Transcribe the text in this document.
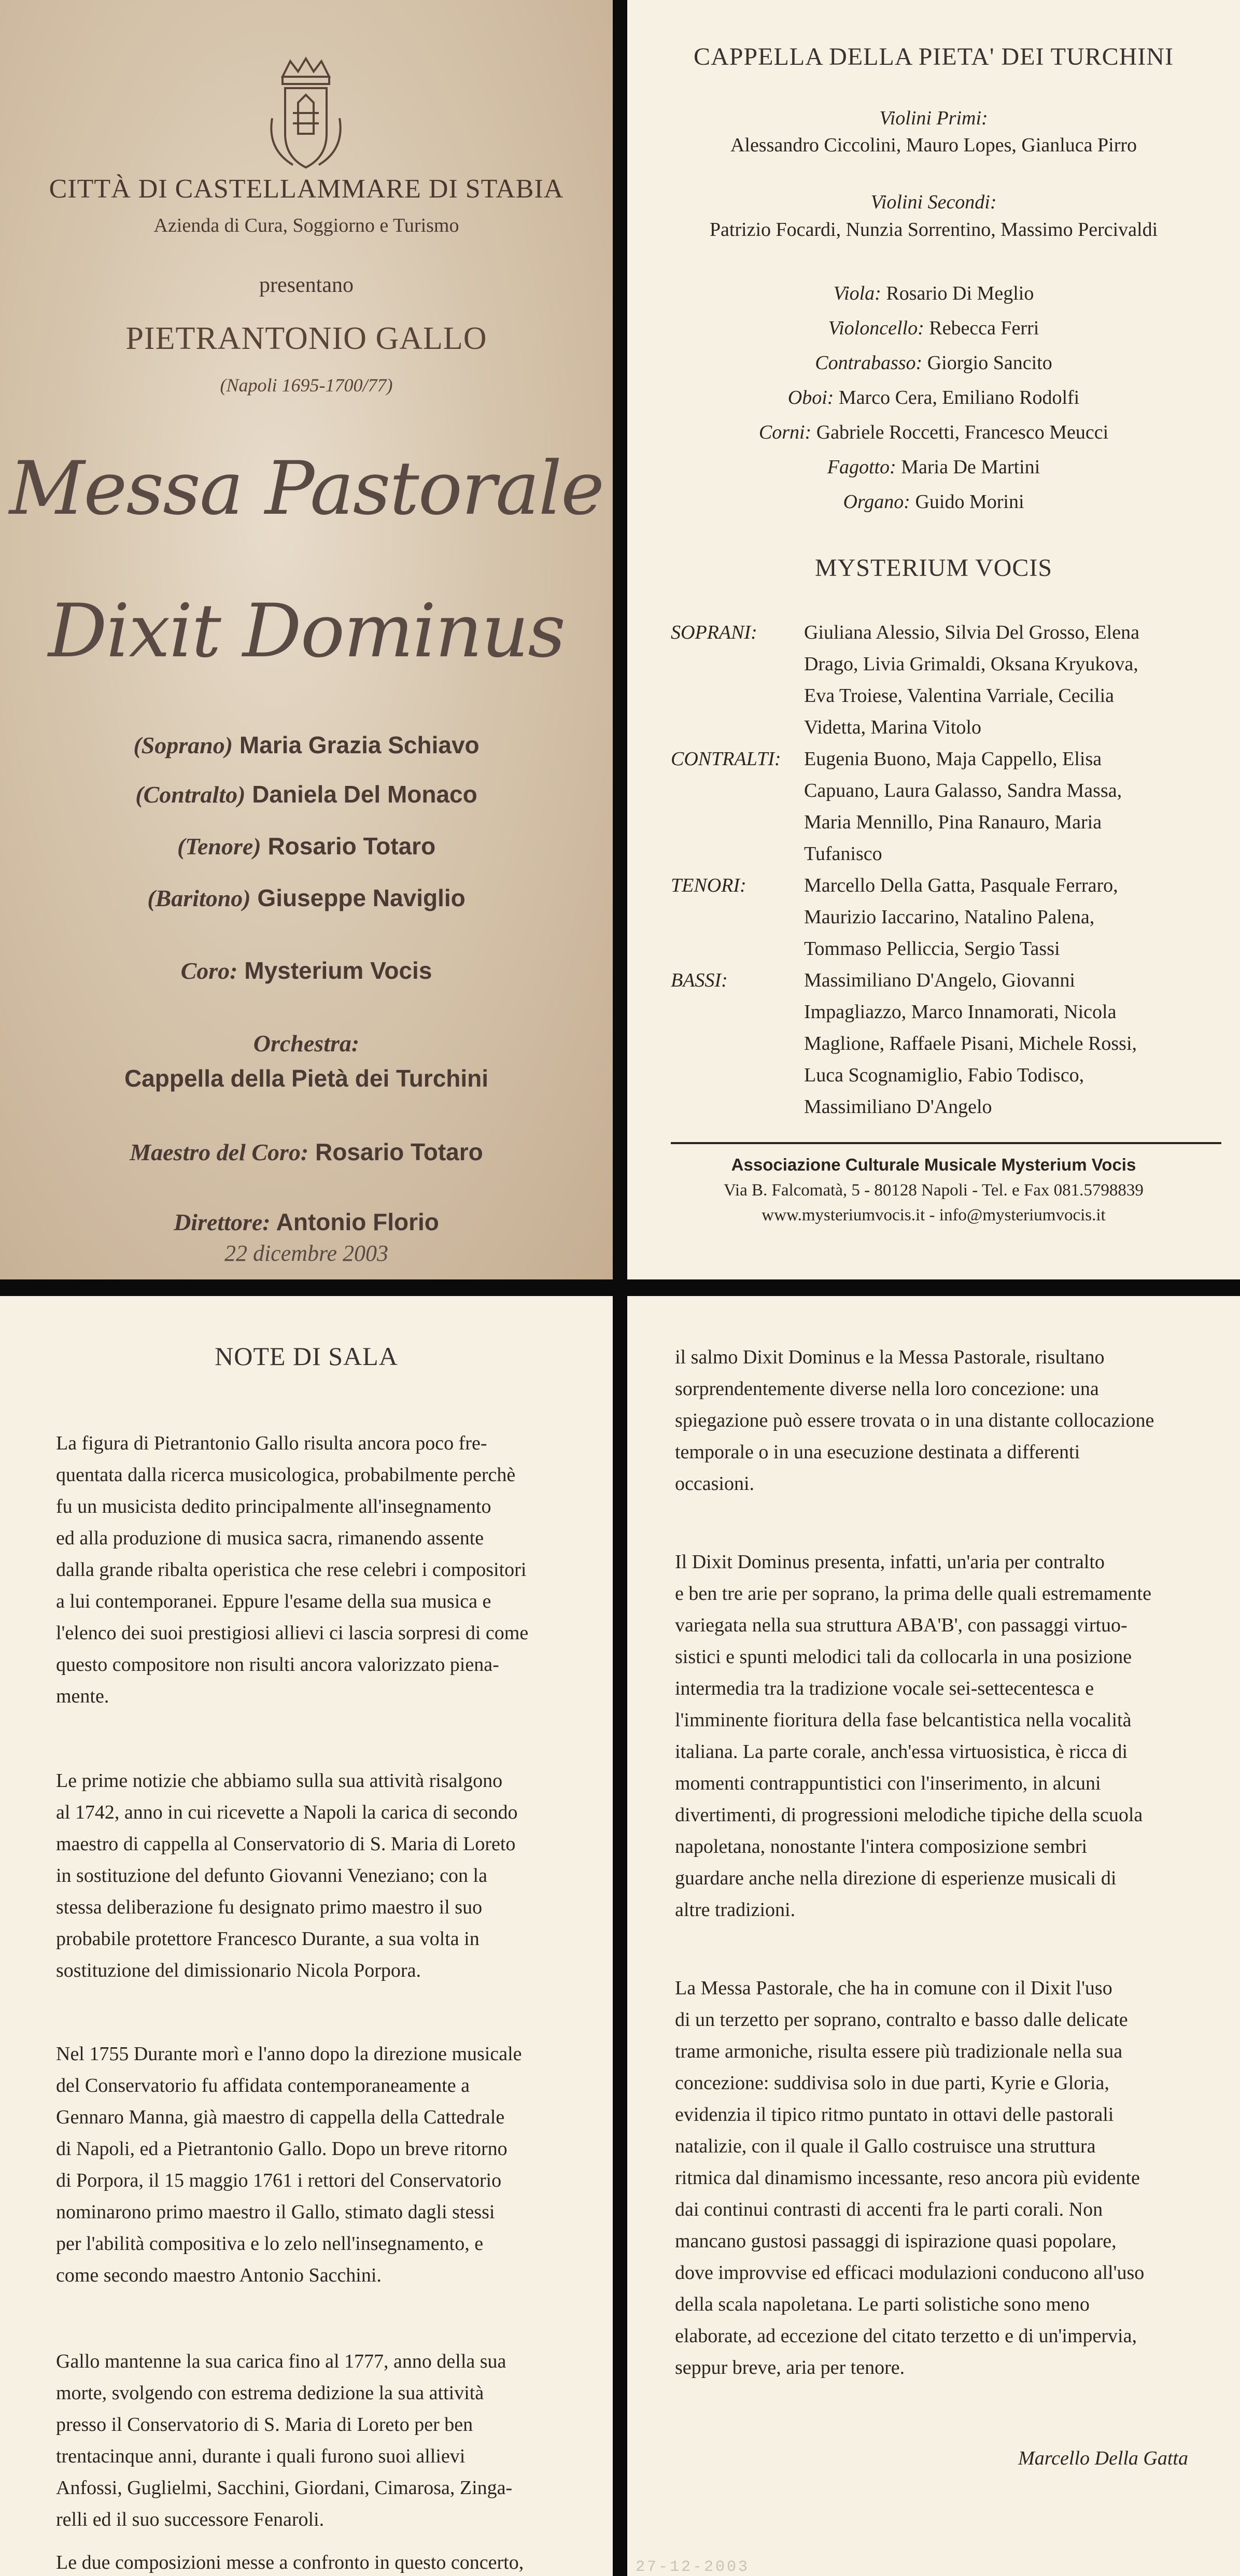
CITTÀ DI CASTELLAMMARE DI STABIA
Azienda di Cura, Soggiorno e Turismo
presentano
PIETRANTONIO GALLO
(Napoli 1695-1700/77)
Messa Pastorale
Dixit Dominus
(Soprano) Maria Grazia Schiavo
(Contralto) Daniela Del Monaco
(Tenore) Rosario Totaro
(Baritono) Giuseppe Naviglio
Coro: Mysterium Vocis
Orchestra:
Cappella della Pietà dei Turchini
Maestro del Coro: Rosario Totaro
Direttore: Antonio Florio
22 dicembre 2003
CAPPELLA DELLA PIETA' DEI TURCHINI
Violini Primi:
Alessandro Ciccolini, Mauro Lopes, Gianluca Pirro
Violini Secondi:
Patrizio Focardi, Nunzia Sorrentino, Massimo Percivaldi
Viola: Rosario Di Meglio
Violoncello: Rebecca Ferri
Contrabasso: Giorgio Sancito
Oboi: Marco Cera, Emiliano Rodolfi
Corni: Gabriele Roccetti, Francesco Meucci
Fagotto: Maria De Martini
Organo: Guido Morini
MYSTERIUM VOCIS
SOPRANI: Giuliana Alessio, Silvia Del Grosso, Elena
Drago, Livia Grimaldi, Oksana Kryukova,
Eva Troiese, Valentina Varriale, Cecilia
Videtta, Marina Vitolo
CONTRALTI: Eugenia Buono, Maja Cappello, Elisa
Capuano, Laura Galasso, Sandra Massa,
Maria Mennillo, Pina Ranauro, Maria
Tufanisco
TENORI:	Marcello Della Gatta, Pasquale Ferraro,
Maurizio Iaccarino, Natalino Palena,
Tommaso Pelliccia, Sergio Tassi
BASSI:	Massimiliano D'Angelo, Giovanni
Impagliazzo, Marco Innamorati, Nicola
Maglione, Raffaele Pisani, Michele Rossi,
Luca Scognamiglio, Fabio Todisco,
Massimiliano D'Angelo
Associazione Culturale Musicale Mysterium Vocis
Via B. Falcomatà, 5 - 80128 Napoli - Tel. e Fax 081.5798839
www.mysteriumvocis.it - info@mysteriumvocis.it
NOTE DI SALA

La figura di Pietrantonio Gallo risulta ancora poco fre-

quentata dalla ricerca musicologica, probabilmente perchè

fu un musicista dedito principalmente all'insegnamento

ed alla produzione di musica sacra, rimanendo assente

dalla grande ribalta operistica che rese celebri i compositori

a lui contemporanei. Eppure l'esame della sua musica e

l'elenco dei suoi prestigiosi allievi ci lascia sorpresi di come

questo compositore non risulti ancora valorizzato piena-

mente.

Le prime notizie che abbiamo sulla sua attività risalgono

al 1742, anno in cui ricevette a Napoli la carica di secondo

maestro di cappella al Conservatorio di S. Maria di Loreto

in sostituzione del defunto Giovanni Veneziano; con la

stessa deliberazione fu designato primo maestro il suo

probabile protettore Francesco Durante, a sua volta in

sostituzione del dimissionario Nicola Porpora.

Nel 1755 Durante morì e l'anno dopo la direzione musicale

del Conservatorio fu affidata contemporaneamente a

Gennaro Manna, già maestro di cappella della Cattedrale

di Napoli, ed a Pietrantonio Gallo. Dopo un breve ritorno

di Porpora, il 15 maggio 1761 i rettori del Conservatorio

nominarono primo maestro il Gallo, stimato dagli stessi

per l'abilità compositiva e lo zelo nell'insegnamento, e

come secondo maestro Antonio Sacchini.

Gallo mantenne la sua carica fino al 1777, anno della sua

morte, svolgendo con estrema dedizione la sua attività

presso il Conservatorio di S. Maria di Loreto per ben

trentacinque anni, durante i quali furono suoi allievi

Anfossi, Guglielmi, Sacchini, Giordani, Cimarosa, Zinga-

relli ed il suo successore Fenaroli.

Le due composizioni messe a confronto in questo concerto,

il salmo Dixit Dominus e la Messa Pastorale, risultano

sorprendentemente diverse nella loro concezione: una

spiegazione può essere trovata o in una distante collocazione

temporale o in una esecuzione destinata a differenti

occasioni.

Il Dixit Dominus presenta, infatti, un'aria per contralto

e ben tre arie per soprano, la prima delle quali estremamente

variegata nella sua struttura ABA'B', con passaggi virtuo-

sistici e spunti melodici tali da collocarla in una posizione

intermedia tra la tradizione vocale sei-settecentesca e

l'imminente fioritura della fase belcantistica nella vocalità

italiana. La parte corale, anch'essa virtuosistica, è ricca di

momenti contrappuntistici con l'inserimento, in alcuni

divertimenti, di progressioni melodiche tipiche della scuola

napoletana, nonostante l'intera composizione sembri

guardare anche nella direzione di esperienze musicali di

altre tradizioni.

La Messa Pastorale, che ha in comune con il Dixit l'uso

di un terzetto per soprano, contralto e basso dalle delicate

trame armoniche, risulta essere più tradizionale nella sua

concezione: suddivisa solo in due parti, Kyrie e Gloria,

evidenzia il tipico ritmo puntato in ottavi delle pastorali

natalizie, con il quale il Gallo costruisce una struttura

ritmica dal dinamismo incessante, reso ancora più evidente

dai continui contrasti di accenti fra le parti corali. Non

mancano gustosi passaggi di ispirazione quasi popolare,

dove improvvise ed efficaci modulazioni conducono all'uso

della scala napoletana. Le parti solistiche sono meno

elaborate, ad eccezione del citato terzetto e di un'impervia,

seppur breve, aria per tenore.

Marcello Della Gatta
27-12-2003
